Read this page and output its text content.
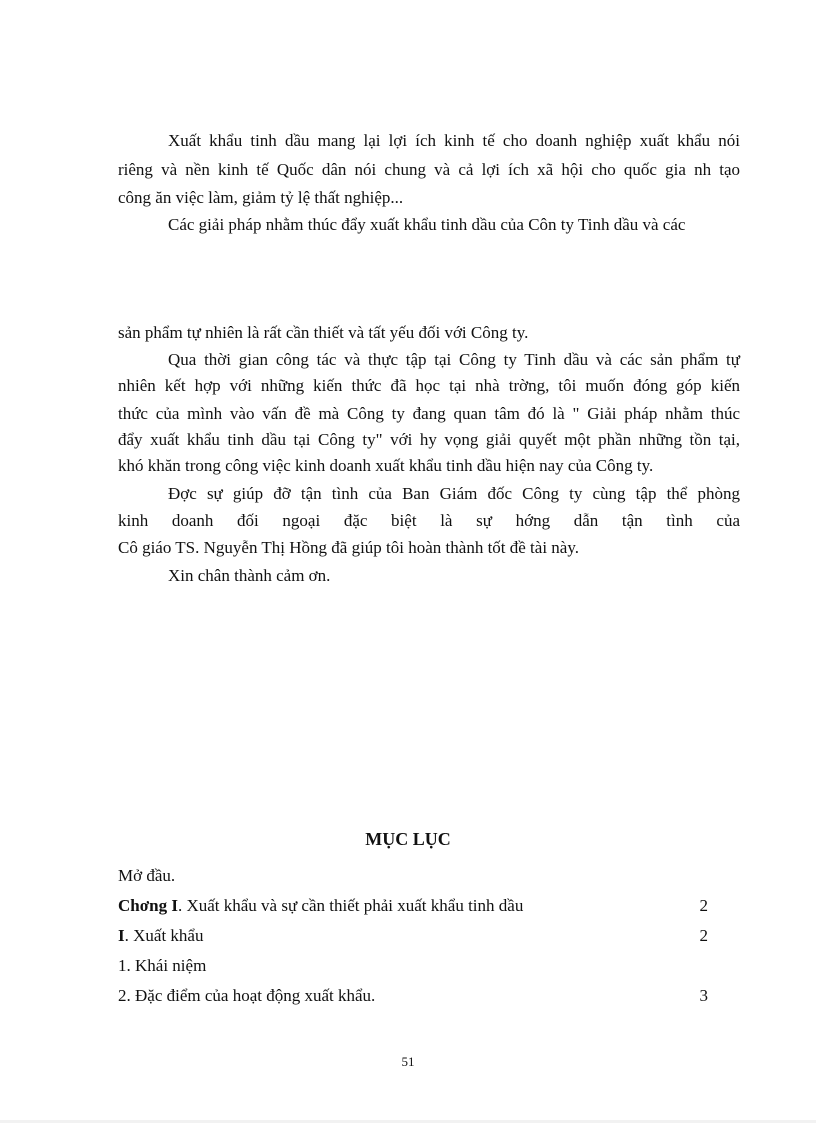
Xuất khẩu tinh dầu mang lại lợi ích kinh tế cho doanh nghiệp xuất khẩu nói
riêng và nền kinh tế Quốc dân nói chung và cả lợi ích xã hội cho quốc gia nh tạo
công ăn việc làm, giảm tỷ lệ thất nghiệp...
Các giải pháp nhằm thúc đẩy xuất khẩu tinh dầu của Côn ty Tinh dầu và các
sản phẩm tự nhiên là rất cần thiết và tất yếu đối với Công ty.
Qua thời gian công tác và thực tập tại Công ty Tinh dầu và các sản phẩm tự
nhiên kết hợp với những kiến thức đã học tại nhà trờng, tôi muốn đóng góp kiến
thức của mình vào vấn đề mà Công ty đang quan tâm đó là " Giải pháp nhằm thúc
đẩy xuất khẩu tinh dầu tại Công ty" với hy vọng giải quyết một phần những tồn tại,
khó khăn trong công việc kinh doanh xuất khẩu tinh dầu hiện nay của Công ty.
Đợc sự giúp đỡ tận tình của Ban Giám đốc Công ty cùng tập thể phòng
kinh doanh đối ngoại đặc biệt là sự hớng dẫn tận tình của
Cô giáo TS. Nguyễn Thị Hồng đã giúp tôi hoàn thành tốt đề tài này.
Xin chân thành cảm ơn.
MỤC LỤC
Mở đầu.
Chơng I. Xuất khẩu và sự cần thiết phải xuất khẩu tinh dầu	2
I. Xuất khẩu	2
1. Khái niệm
2. Đặc điểm của hoạt động xuất khẩu.	3
51
